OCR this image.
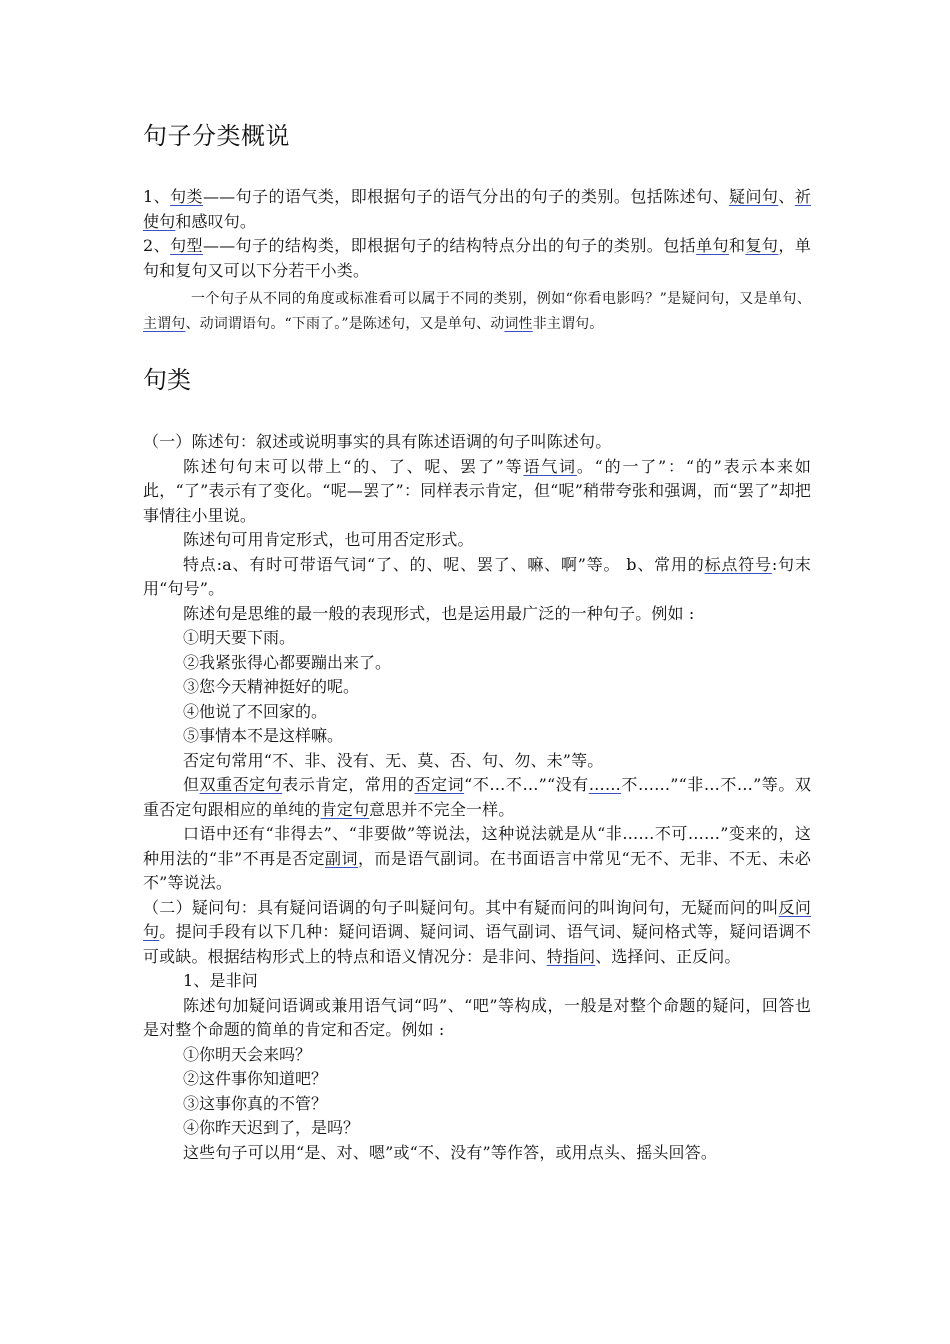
句子分类概说

1、句类——句子的语气类，即根据句子的语气分出的句子的类别。包括陈述句、疑问句、祈使句和感叹句。

2、句型——句子的结构类，即根据句子的结构特点分出的句子的类别。包括单句和复句，单句和复句又可以下分若干小类。

一个句子从不同的角度或标准看可以属于不同的类别，例如“你看电影吗？”是疑问句，又是单句、主谓句、动词谓语句。“下雨了。”是陈述句，又是单句、动词性非主谓句。

句类

（一）陈述句：叙述或说明事实的具有陈述语调的句子叫陈述句。

陈述句句末可以带上“的、了、呢、罢了”等语气词。“的一了”：“的”表示本来如此，“了”表示有了变化。“呢—罢了”：同样表示肯定，但“呢”稍带夸张和强调，而“罢了”却把事情往小里说。

陈述句可用肯定形式，也可用否定形式。

特点:a、有时可带语气词“了、的、呢、罢了、嘛、啊”等。 b、常用的标点符号:句末用“句号”。

陈述句是思维的最一般的表现形式，也是运用最广泛的一种句子。例如 :

①明天要下雨。
②我紧张得心都要蹦出来了。
③您今天精神挺好的呢。
④他说了不回家的。
⑤事情本不是这样嘛。

否定句常用“不、非、没有、无、莫、否、句、勿、未”等。

但双重否定句表示肯定，常用的否定词“不…不…”“没有……不……”“非…不…”等。双重否定句跟相应的单纯的肯定句意思并不完全一样。

口语中还有“非得去”、“非要做”等说法，这种说法就是从“非……不可……”变来的，这种用法的“非”不再是否定副词，而是语气副词。在书面语言中常见“无不、无非、不无、未必不”等说法。

（二）疑问句：具有疑问语调的句子叫疑问句。其中有疑而问的叫询问句，无疑而问的叫反问句。提问手段有以下几种：疑问语调、疑问词、语气副词、语气词、疑问格式等，疑问语调不可或缺。根据结构形式上的特点和语义情况分：是非问、特指问、选择问、正反问。

1、是非问

陈述句加疑问语调或兼用语气词“吗”、“吧”等构成，一般是对整个命题的疑问，回答也是对整个命题的简单的肯定和否定。例如 :

①你明天会来吗？
②这件事你知道吧？
③这事你真的不管？
④你昨天迟到了，是吗？

这些句子可以用“是、对、嗯”或“不、没有”等作答，或用点头、摇头回答。
